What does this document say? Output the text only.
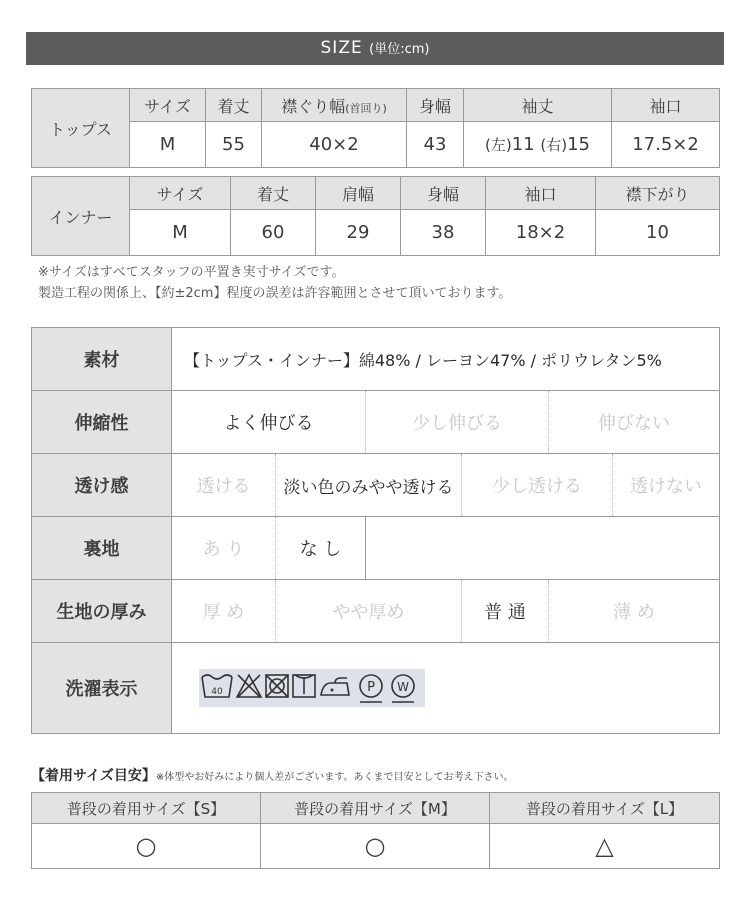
SIZE (単位:cm)
トップス	サイズ	着丈	襟ぐり幅(首回り)	身幅	袖丈	袖口
	M	55	40×2	43	(左)11 (右)15	17.5×2
インナー	サイズ	着丈	肩幅	身幅	袖口	襟下がり
	M	60	29	38	18×2	10
※サイズはすべてスタッフの平置き実寸サイズです。
製造工程の関係上、【約±2cm】程度の誤差は許容範囲とさせて頂いております。
素材	【トップス・インナー】綿48% / レーヨン47% / ポリウレタン5%					
伸縮性	よく伸びる		少し伸びる		伸びない	
透け感	透ける	淡い色のみやや透ける		少し透ける		透けない
裏地	あ り	な し				
生地の厚み	厚 め	やや厚め		普 通	薄 め	
洗濯表示	40 P W					
【着用サイズ目安】※体型やお好みにより個人差がございます。あくまで目安としてお考え下さい。
普段の着用サイズ【S】	普段の着用サイズ【M】	普段の着用サイズ【L】
○	○	△
